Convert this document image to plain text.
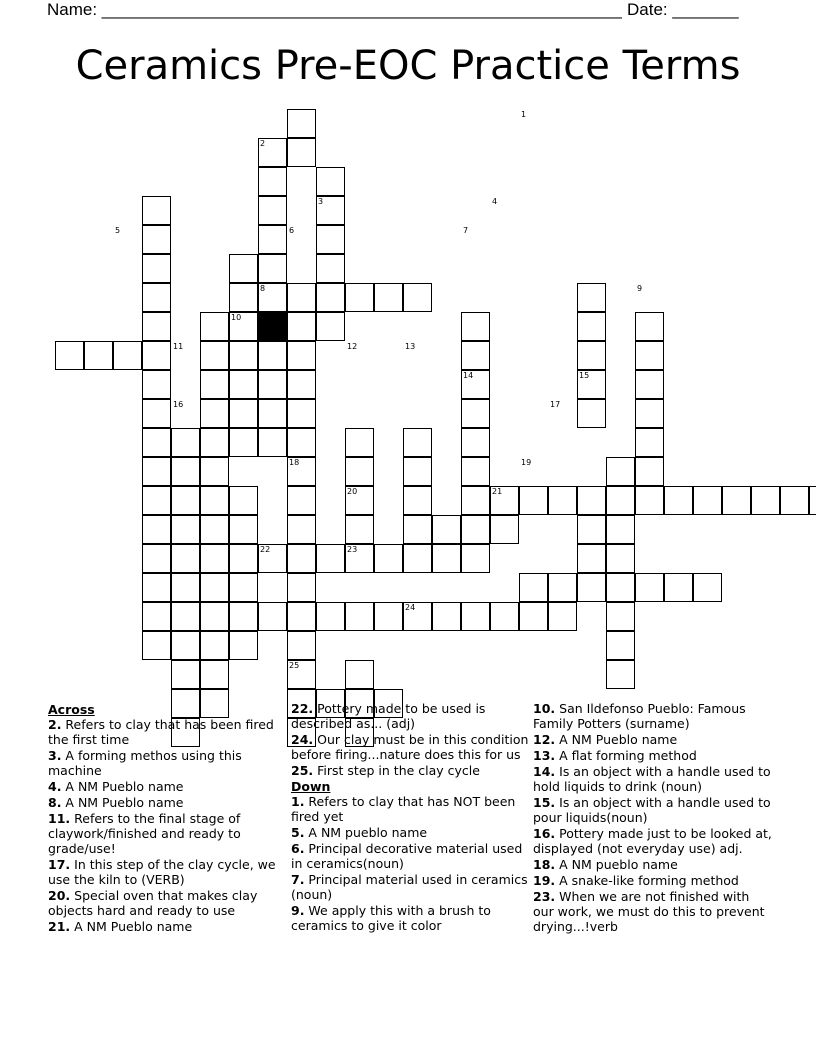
Name: _______________________________________________________ Date: _______
Ceramics Pre-EOC Practice Terms
1
2
3	4
5	6	7
8	9
10
11	12	13
14	15
16	17
18	19
20	21
22	23
24
25
Across
2. Refers to clay that has been fired the first time
3. A forming methos using this machine
4. A NM Pueblo name
8. A NM Pueblo name
11. Refers to the final stage of claywork/finished and ready to grade/use!
17. In this step of the clay cycle, we use the kiln to (VERB)
20. Special oven that makes clay objects hard and ready to use
21. A NM Pueblo name
22. Pottery made to be used is described as... (adj)
24. Our clay must be in this condition before firing...nature does this for us
25. First step in the clay cycle
Down
1. Refers to clay that has NOT been fired yet
5. A NM pueblo name
6. Principal decorative material used in ceramics(noun)
7. Principal material used in ceramics (noun)
9. We apply this with a brush to ceramics to give it color
10. San Ildefonso Pueblo: Famous Family Potters (surname)
12. A NM Pueblo name
13. A flat forming method
14. Is an object with a handle used to hold liquids to drink (noun)
15. Is an object with a handle used to pour liquids(noun)
16. Pottery made just to be looked at, displayed (not everyday use) adj.
18. A NM pueblo name
19. A snake-like forming method
23. When we are not finished with our work, we must do this to prevent drying...!verb
